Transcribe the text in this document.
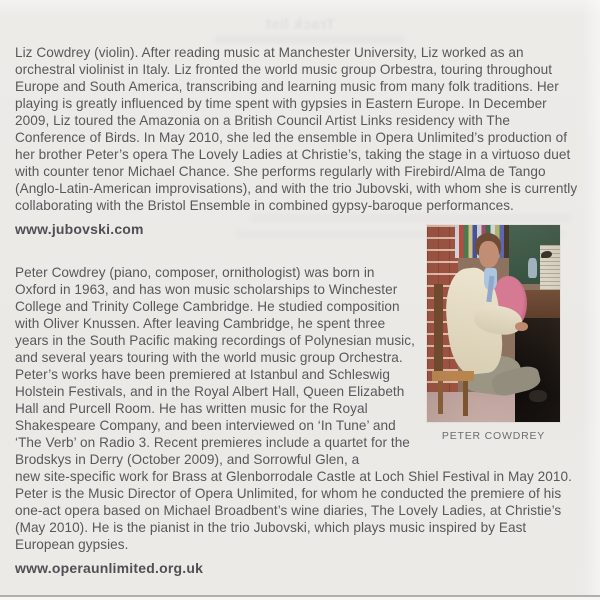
Track list
Liz Cowdrey (violin). After reading music at Manchester University, Liz worked as an orchestral violinist in Italy. Liz fronted the world music group Orbestra, touring throughout Europe and South America, transcribing and learning music from many folk traditions. Her playing is greatly influenced by time spent with gypsies in Eastern Europe. In December 2009, Liz toured the Amazonia on a British Council Artist Links residency with The Conference of Birds. In May 2010, she led the ensemble in Opera Unlimited’s production of her brother Peter’s opera The Lovely Ladies at Christie’s, taking the stage in a virtuoso duet with counter tenor Michael Chance. She performs regularly with Firebird/Alma de Tango (Anglo-Latin-American improvisations), and with the trio Jubovski, with whom she is currently collaborating with the Bristol Ensemble in combined gypsy-baroque performances.
www.jubovski.com
PETER COWDREY
Peter Cowdrey (piano, composer, ornithologist) was born in Oxford in 1963, and has won music scholarships to Winchester College and Trinity College Cambridge. He studied composition with Oliver Knussen. After leaving Cambridge, he spent three years in the South Pacific making recordings of Polynesian music, and several years touring with the world music group Orchestra. Peter’s works have been premiered at Istanbul and Schleswig Holstein Festivals, and in the Royal Albert Hall, Queen Elizabeth Hall and Purcell Room. He has written music for the Royal Shakespeare Company, and been interviewed on ‘In Tune’ and ‘The Verb’ on Radio 3. Recent premieres include a quartet for the Brodskys in Derry (October 2009), and Sorrowful Glen, a
new site-specific work for Brass at Glenborrodale Castle at Loch Shiel Festival in May 2010. Peter is the Music Director of Opera Unlimited, for whom he conducted the premiere of his one-act opera based on Michael Broadbent’s wine diaries, The Lovely Ladies, at Christie’s (May 2010). He is the pianist in the trio Jubovski, which plays music inspired by East European gypsies.
www.operaunlimited.org.uk
